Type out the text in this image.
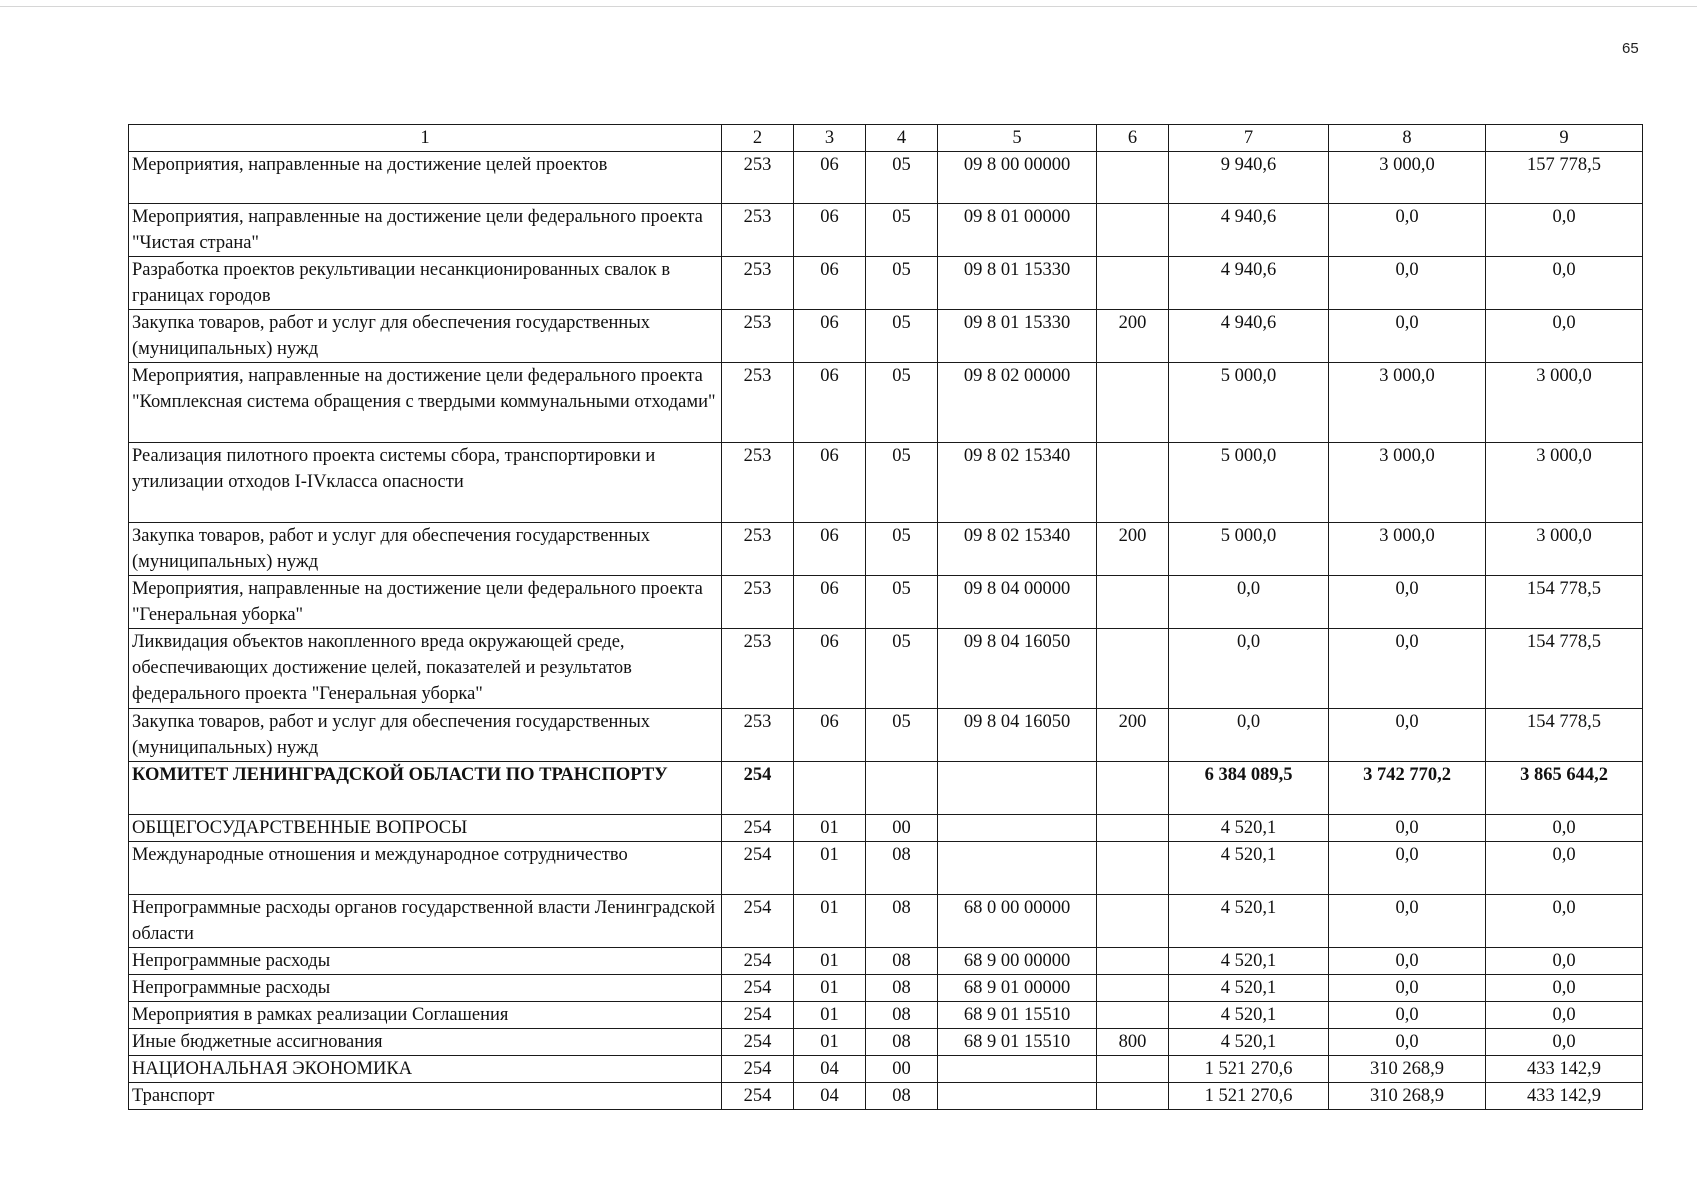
65
1	2	3	4	5	6	7	8	9
Мероприятия, направленные на достижение целей проектов	253	06	05	09 8 00 00000		9 940,6	3 000,0	157 778,5
Мероприятия, направленные на достижение цели федерального проекта "Чистая страна"	253	06	05	09 8 01 00000		4 940,6	0,0	0,0
Разработка проектов рекультивации несанкционированных свалок в границах городов	253	06	05	09 8 01 15330		4 940,6	0,0	0,0
Закупка товаров, работ и услуг для обеспечения государственных (муниципальных) нужд	253	06	05	09 8 01 15330	200	4 940,6	0,0	0,0
Мероприятия, направленные на достижение цели федерального проекта "Комплексная система обращения с твердыми коммунальными отходами"	253	06	05	09 8 02 00000		5 000,0	3 000,0	3 000,0
Реализация пилотного проекта системы сбора, транспортировки и утилизации отходов I-IVкласса опасности	253	06	05	09 8 02 15340		5 000,0	3 000,0	3 000,0
Закупка товаров, работ и услуг для обеспечения государственных (муниципальных) нужд	253	06	05	09 8 02 15340	200	5 000,0	3 000,0	3 000,0
Мероприятия, направленные на достижение цели федерального проекта "Генеральная уборка"	253	06	05	09 8 04 00000		0,0	0,0	154 778,5
Ликвидация объектов накопленного вреда окружающей среде, обеспечивающих достижение целей, показателей и результатов федерального проекта "Генеральная уборка"	253	06	05	09 8 04 16050		0,0	0,0	154 778,5
Закупка товаров, работ и услуг для обеспечения государственных (муниципальных) нужд	253	06	05	09 8 04 16050	200	0,0	0,0	154 778,5
КОМИТЕТ ЛЕНИНГРАДСКОЙ ОБЛАСТИ ПО ТРАНСПОРТУ	254					6 384 089,5	3 742 770,2	3 865 644,2
ОБЩЕГОСУДАРСТВЕННЫЕ ВОПРОСЫ	254	01	00			4 520,1	0,0	0,0
Международные отношения и международное сотрудничество	254	01	08			4 520,1	0,0	0,0
Непрограммные расходы органов государственной власти Ленинградской области	254	01	08	68 0 00 00000		4 520,1	0,0	0,0
Непрограммные расходы	254	01	08	68 9 00 00000		4 520,1	0,0	0,0
Непрограммные расходы	254	01	08	68 9 01 00000		4 520,1	0,0	0,0
Мероприятия в рамках реализации Соглашения	254	01	08	68 9 01 15510		4 520,1	0,0	0,0
Иные бюджетные ассигнования	254	01	08	68 9 01 15510	800	4 520,1	0,0	0,0
НАЦИОНАЛЬНАЯ ЭКОНОМИКА	254	04	00			1 521 270,6	310 268,9	433 142,9
Транспорт	254	04	08			1 521 270,6	310 268,9	433 142,9
